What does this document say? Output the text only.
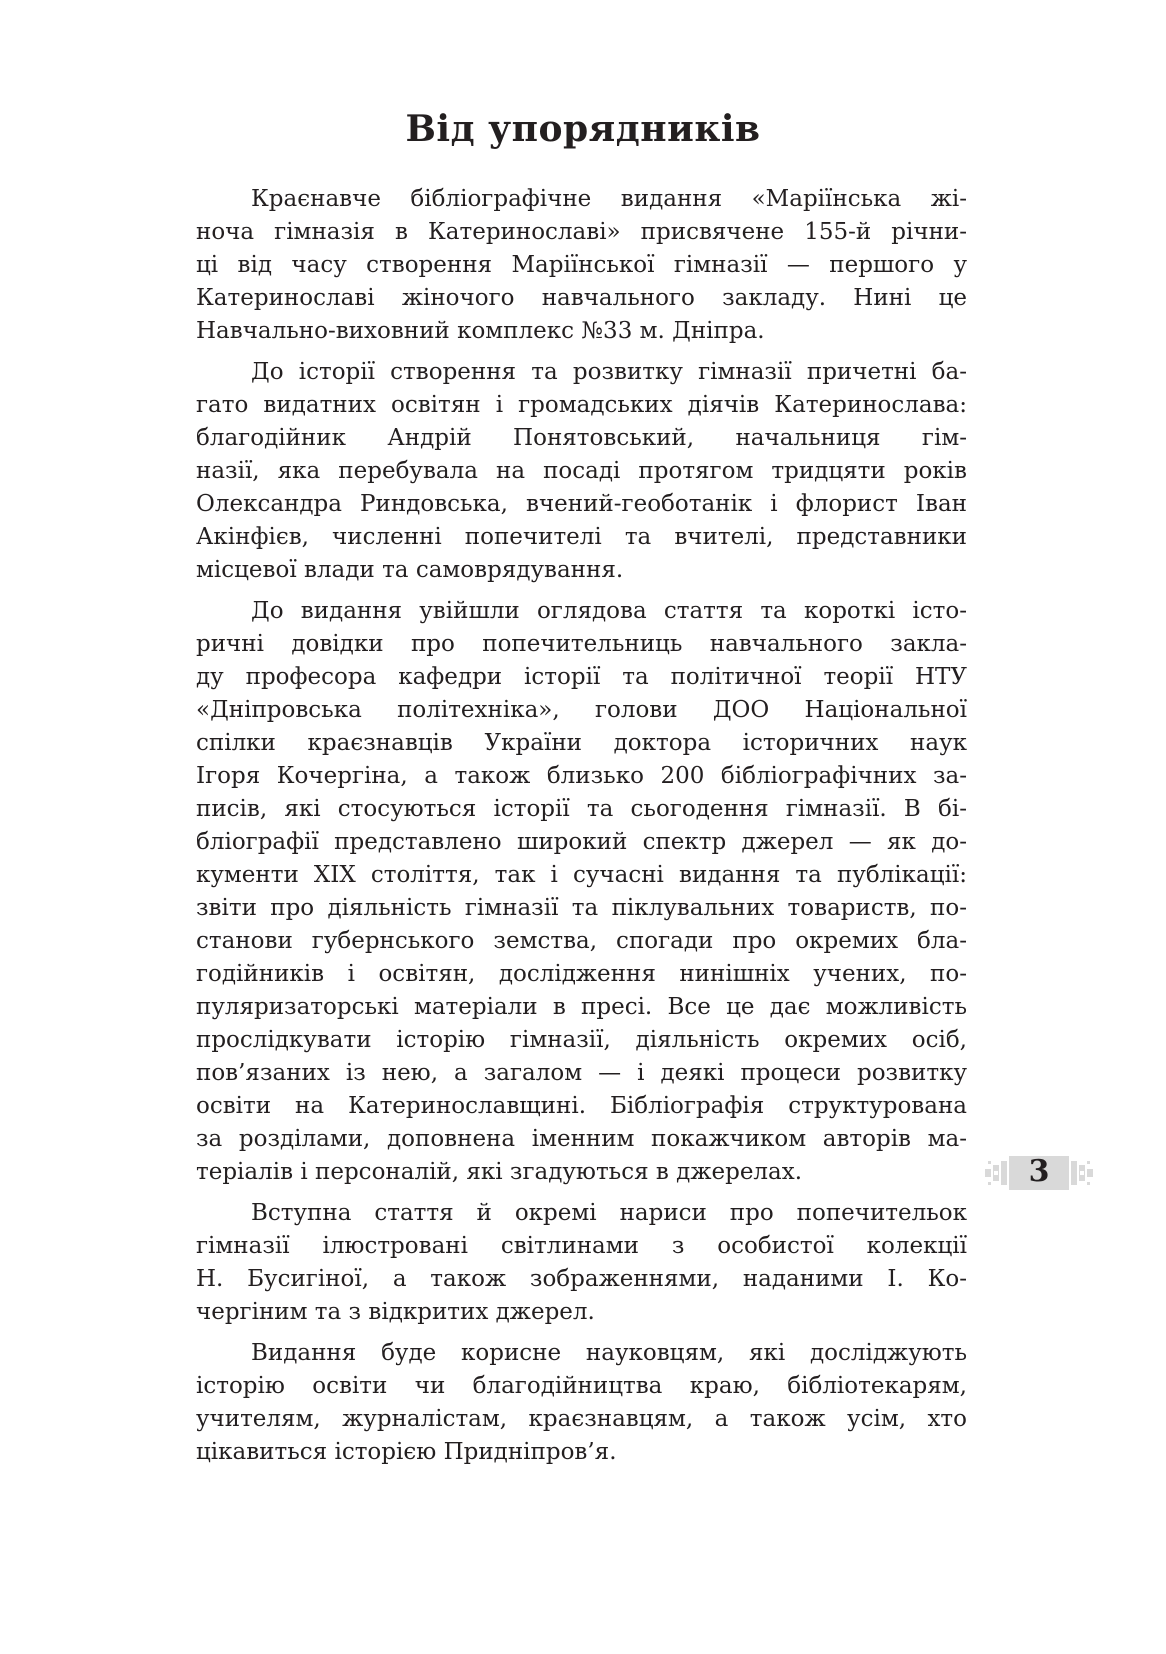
Від упорядників

Краєнавче бібліографічне видання «Маріїнська жі-
ноча гімназія в Катеринославі» присвячене 155-й річни-
ці від часу створення Маріїнської гімназії — першого у
Катеринославі жіночого навчального закладу. Нині це
Навчально-виховний комплекс №33 м. Дніпра.

До історії створення та розвитку гімназії причетні ба-
гато видатних освітян і громадських діячів Катеринослава:
благодійник Андрій Понятовський, начальниця гім-
назії, яка перебувала на посаді протягом тридцяти років
Олександра Риндовська, вчений-геоботанік і флорист Іван
Акінфієв, численні попечителі та вчителі, представники
місцевої влади та самоврядування.

До видання увійшли оглядова стаття та короткі істо-
ричні довідки про попечительниць навчального закла-
ду професора кафедри історії та політичної теорії НТУ
«Дніпровська політехніка», голови ДОО Національної
спілки краєзнавців України доктора історичних наук
Ігоря Кочергіна, а також близько 200 бібліографічних за-
писів, які стосуються історії та сьогодення гімназії. В бі-
бліографії представлено широкий спектр джерел — як до-
кументи XIX століття, так і сучасні видання та публікації:
звіти про діяльність гімназії та піклувальних товариств, по-
станови губернського земства, спогади про окремих бла-
годійників і освітян, дослідження нинішніх учених, по-
пуляризаторські матеріали в пресі. Все це дає можливість
прослідкувати історію гімназії, діяльність окремих осіб,
пов’язаних із нею, а загалом — і деякі процеси розвитку
освіти на Катеринославщині. Бібліографія структурована
за розділами, доповнена іменним покажчиком авторів ма-
теріалів і персоналій, які згадуються в джерелах.

Вступна стаття й окремі нариси про попечительок
гімназії ілюстровані світлинами з особистої колекції
Н. Бусигіної, а також зображеннями, наданими І. Ко-
чергіним та з відкритих джерел.

Видання буде корисне науковцям, які досліджують
історію освіти чи благодійництва краю, бібліотекарям,
учителям, журналістам, краєзнавцям, а також усім, хто
цікавиться історією Придніпров’я.

3
